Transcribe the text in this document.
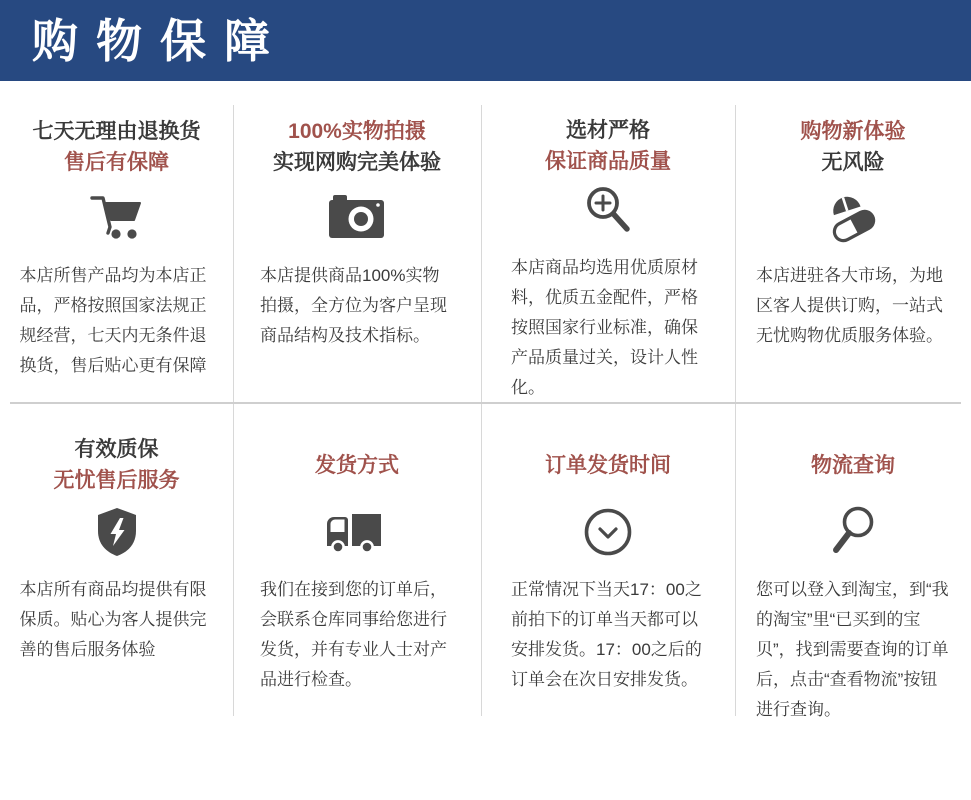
购物保障
七天无理由退换货
售后有保障

本店所售产品均为本店正品，严格按照国家法规正规经营，七天内无条件退换货，售后贴心更有保障

100%实物拍摄
实现网购完美体验

本店提供商品100%实物拍摄，全方位为客户呈现商品结构及技术指标。

选材严格
保证商品质量

本店商品均选用优质原材料，优质五金配件，严格按照国家行业标准，确保产品质量过关，设计人性化。

购物新体验
无风险

本店进驻各大市场，为地区客人提供订购，一站式无忧购物优质服务体验。

有效质保
无忧售后服务

本店所有商品均提供有限保质。贴心为客人提供完善的售后服务体验

发货方式

我们在接到您的订单后，会联系仓库同事给您进行发货，并有专业人士对产品进行检查。

订单发货时间

正常情况下当天17：00之前拍下的订单当天都可以安排发货。17：00之后的订单会在次日安排发货。

物流查询

您可以登入到淘宝，到“我的淘宝”里“已买到的宝贝”，找到需要查询的订单后，点击“查看物流”按钮进行查询。
